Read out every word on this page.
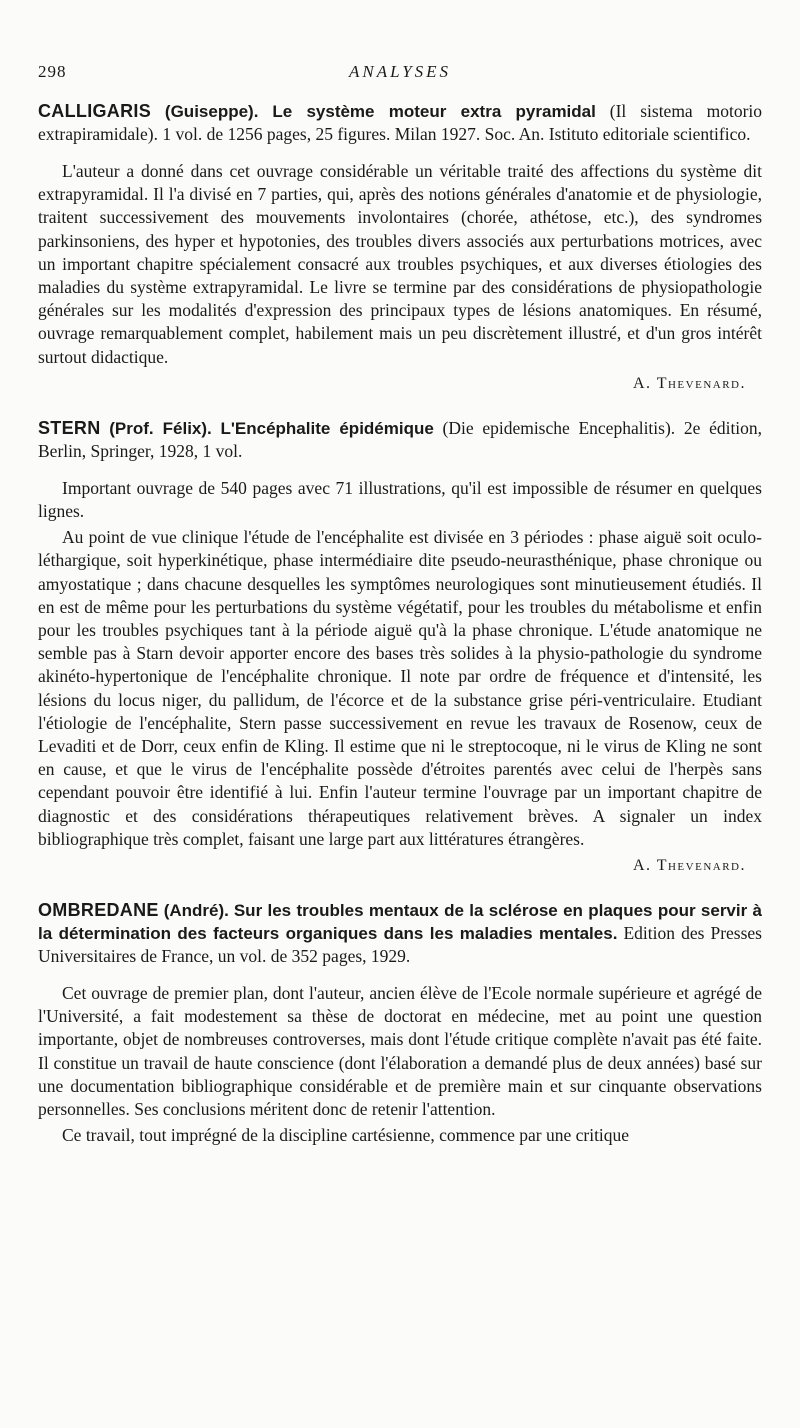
298	ANALYSES

CALLIGARIS (Guiseppe). Le système moteur extra pyramidal (Il sistema motorio extrapiramidale). 1 vol. de 1256 pages, 25 figures. Milan 1927. Soc. An. Istituto editoriale scientifico.

L'auteur a donné dans cet ouvrage considérable un véritable traité des affections du système dit extrapyramidal. Il l'a divisé en 7 parties, qui, après des notions générales d'anatomie et de physiologie, traitent successivement des mouvements involontaires (chorée, athétose, etc.), des syndromes parkinsoniens, des hyper et hypotonies, des troubles divers associés aux perturbations motrices, avec un important chapitre spécialement consacré aux troubles psychiques, et aux diverses étiologies des maladies du système extrapyramidal. Le livre se termine par des considérations de physiopathologie générales sur les modalités d'expression des principaux types de lésions anatomiques. En résumé, ouvrage remarquablement complet, habilement mais un peu discrètement illustré, et d'un gros intérêt surtout didactique.

A. Thevenard.

STERN (Prof. Félix). L'Encéphalite épidémique (Die epidemische Encephalitis). 2e édition, Berlin, Springer, 1928, 1 vol.

Important ouvrage de 540 pages avec 71 illustrations, qu'il est impossible de résumer en quelques lignes.

Au point de vue clinique l'étude de l'encéphalite est divisée en 3 périodes : phase aiguë soit oculo-léthargique, soit hyperkinétique, phase intermédiaire dite pseudo-neurasthénique, phase chronique ou amyostatique ; dans chacune desquelles les symptômes neurologiques sont minutieusement étudiés. Il en est de même pour les perturbations du système végétatif, pour les troubles du métabolisme et enfin pour les troubles psychiques tant à la période aiguë qu'à la phase chronique. L'étude anatomique ne semble pas à Starn devoir apporter encore des bases très solides à la physio-pathologie du syndrome akinéto-hypertonique de l'encéphalite chronique. Il note par ordre de fréquence et d'intensité, les lésions du locus niger, du pallidum, de l'écorce et de la substance grise péri-ventriculaire. Etudiant l'étiologie de l'encéphalite, Stern passe successivement en revue les travaux de Rosenow, ceux de Levaditi et de Dorr, ceux enfin de Kling. Il estime que ni le streptocoque, ni le virus de Kling ne sont en cause, et que le virus de l'encéphalite possède d'étroites parentés avec celui de l'herpès sans cependant pouvoir être identifié à lui. Enfin l'auteur termine l'ouvrage par un important chapitre de diagnostic et des considérations thérapeutiques relativement brèves. A signaler un index bibliographique très complet, faisant une large part aux littératures étrangères.

A. Thevenard.

OMBREDANE (André). Sur les troubles mentaux de la sclérose en plaques pour servir à la détermination des facteurs organiques dans les maladies mentales. Edition des Presses Universitaires de France, un vol. de 352 pages, 1929.

Cet ouvrage de premier plan, dont l'auteur, ancien élève de l'Ecole normale supérieure et agrégé de l'Université, a fait modestement sa thèse de doctorat en médecine, met au point une question importante, objet de nombreuses controverses, mais dont l'étude critique complète n'avait pas été faite. Il constitue un travail de haute conscience (dont l'élaboration a demandé plus de deux années) basé sur une documentation bibliographique considérable et de première main et sur cinquante observations personnelles. Ses conclusions méritent donc de retenir l'attention.

Ce travail, tout imprégné de la discipline cartésienne, commence par une critique
